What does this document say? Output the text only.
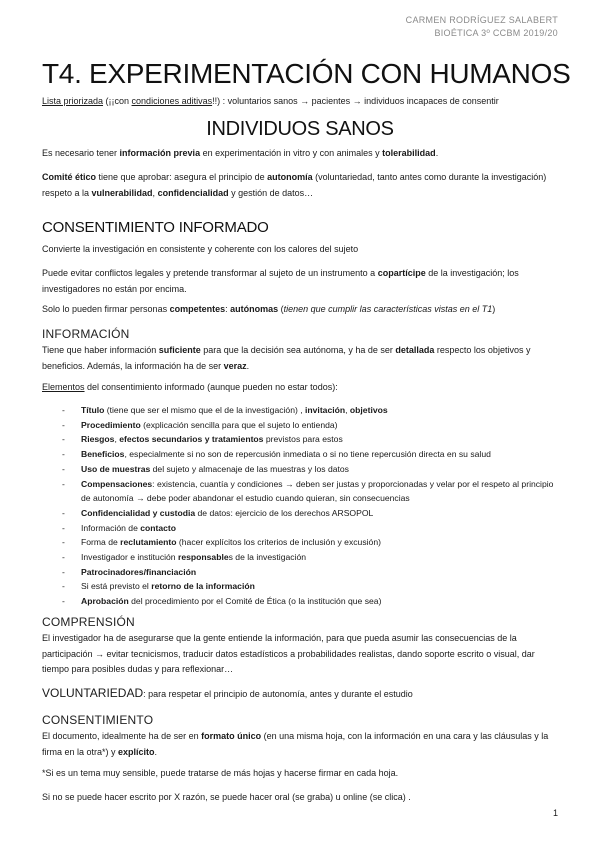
CARMEN RODRÍGUEZ SALABERT
BIOÉTICA 3º CCBM 2019/20
T4. EXPERIMENTACIÓN CON HUMANOS
Lista priorizada (¡¡con condiciones aditivas!!) : voluntarios sanos → pacientes → individuos incapaces de consentir
INDIVIDUOS SANOS
Es necesario tener información previa en experimentación in vitro y con animales y tolerabilidad.
Comité ético tiene que aprobar: asegura el principio de autonomía (voluntariedad, tanto antes como durante la investigación) respeto a la vulnerabilidad, confidencialidad y gestión de datos…
CONSENTIMIENTO INFORMADO
Convierte la investigación en consistente y coherente con los calores del sujeto
Puede evitar conflictos legales y pretende transformar al sujeto de un instrumento a copartícipe de la investigación; los investigadores no están por encima.
Solo lo pueden firmar personas competentes: autónomas (tienen que cumplir las características vistas en el T1)
INFORMACIÓN
Tiene que haber información suficiente para que la decisión sea autónoma, y ha de ser detallada respecto los objetivos y beneficios. Además, la información ha de ser veraz.
Elementos del consentimiento informado (aunque pueden no estar todos):
- Título (tiene que ser el mismo que el de la investigación) , invitación, objetivos
- Procedimiento (explicación sencilla para que el sujeto lo entienda)
- Riesgos, efectos secundarios y tratamientos previstos para estos
- Beneficios, especialmente si no son de repercusión inmediata o si no tiene repercusión directa en su salud
- Uso de muestras del sujeto y almacenaje de las muestras y los datos
- Compensaciones: existencia, cuantía y condiciones → deben ser justas y proporcionadas y velar por el respeto al principio de autonomía → debe poder abandonar el estudio cuando quieran, sin consecuencias
- Confidencialidad y custodia de datos: ejercicio de los derechos ARSOPOL
- Información de contacto
- Forma de reclutamiento (hacer explícitos los criterios de inclusión y excusión)
- Investigador e institución responsables de la investigación
- Patrocinadores/financiación
- Si está previsto el retorno de la información
- Aprobación del procedimiento por el Comité de Ética (o la institución que sea)
COMPRENSIÓN
El investigador ha de asegurarse que la gente entiende la información, para que pueda asumir las consecuencias de la participación → evitar tecnicismos, traducir datos estadísticos a probabilidades realistas, dando soporte escrito o visual, dar tiempo para posibles dudas y para reflexionar…
VOLUNTARIEDAD: para respetar el principio de autonomía, antes y durante el estudio
CONSENTIMIENTO
El documento, idealmente ha de ser en formato único (en una misma hoja, con la información en una cara y las cláusulas y la firma en la otra*) y explícito.
*Si es un tema muy sensible, puede tratarse de más hojas y hacerse firmar en cada hoja.
Si no se puede hacer escrito por X razón, se puede hacer oral (se graba) u online (se clica) .
1
